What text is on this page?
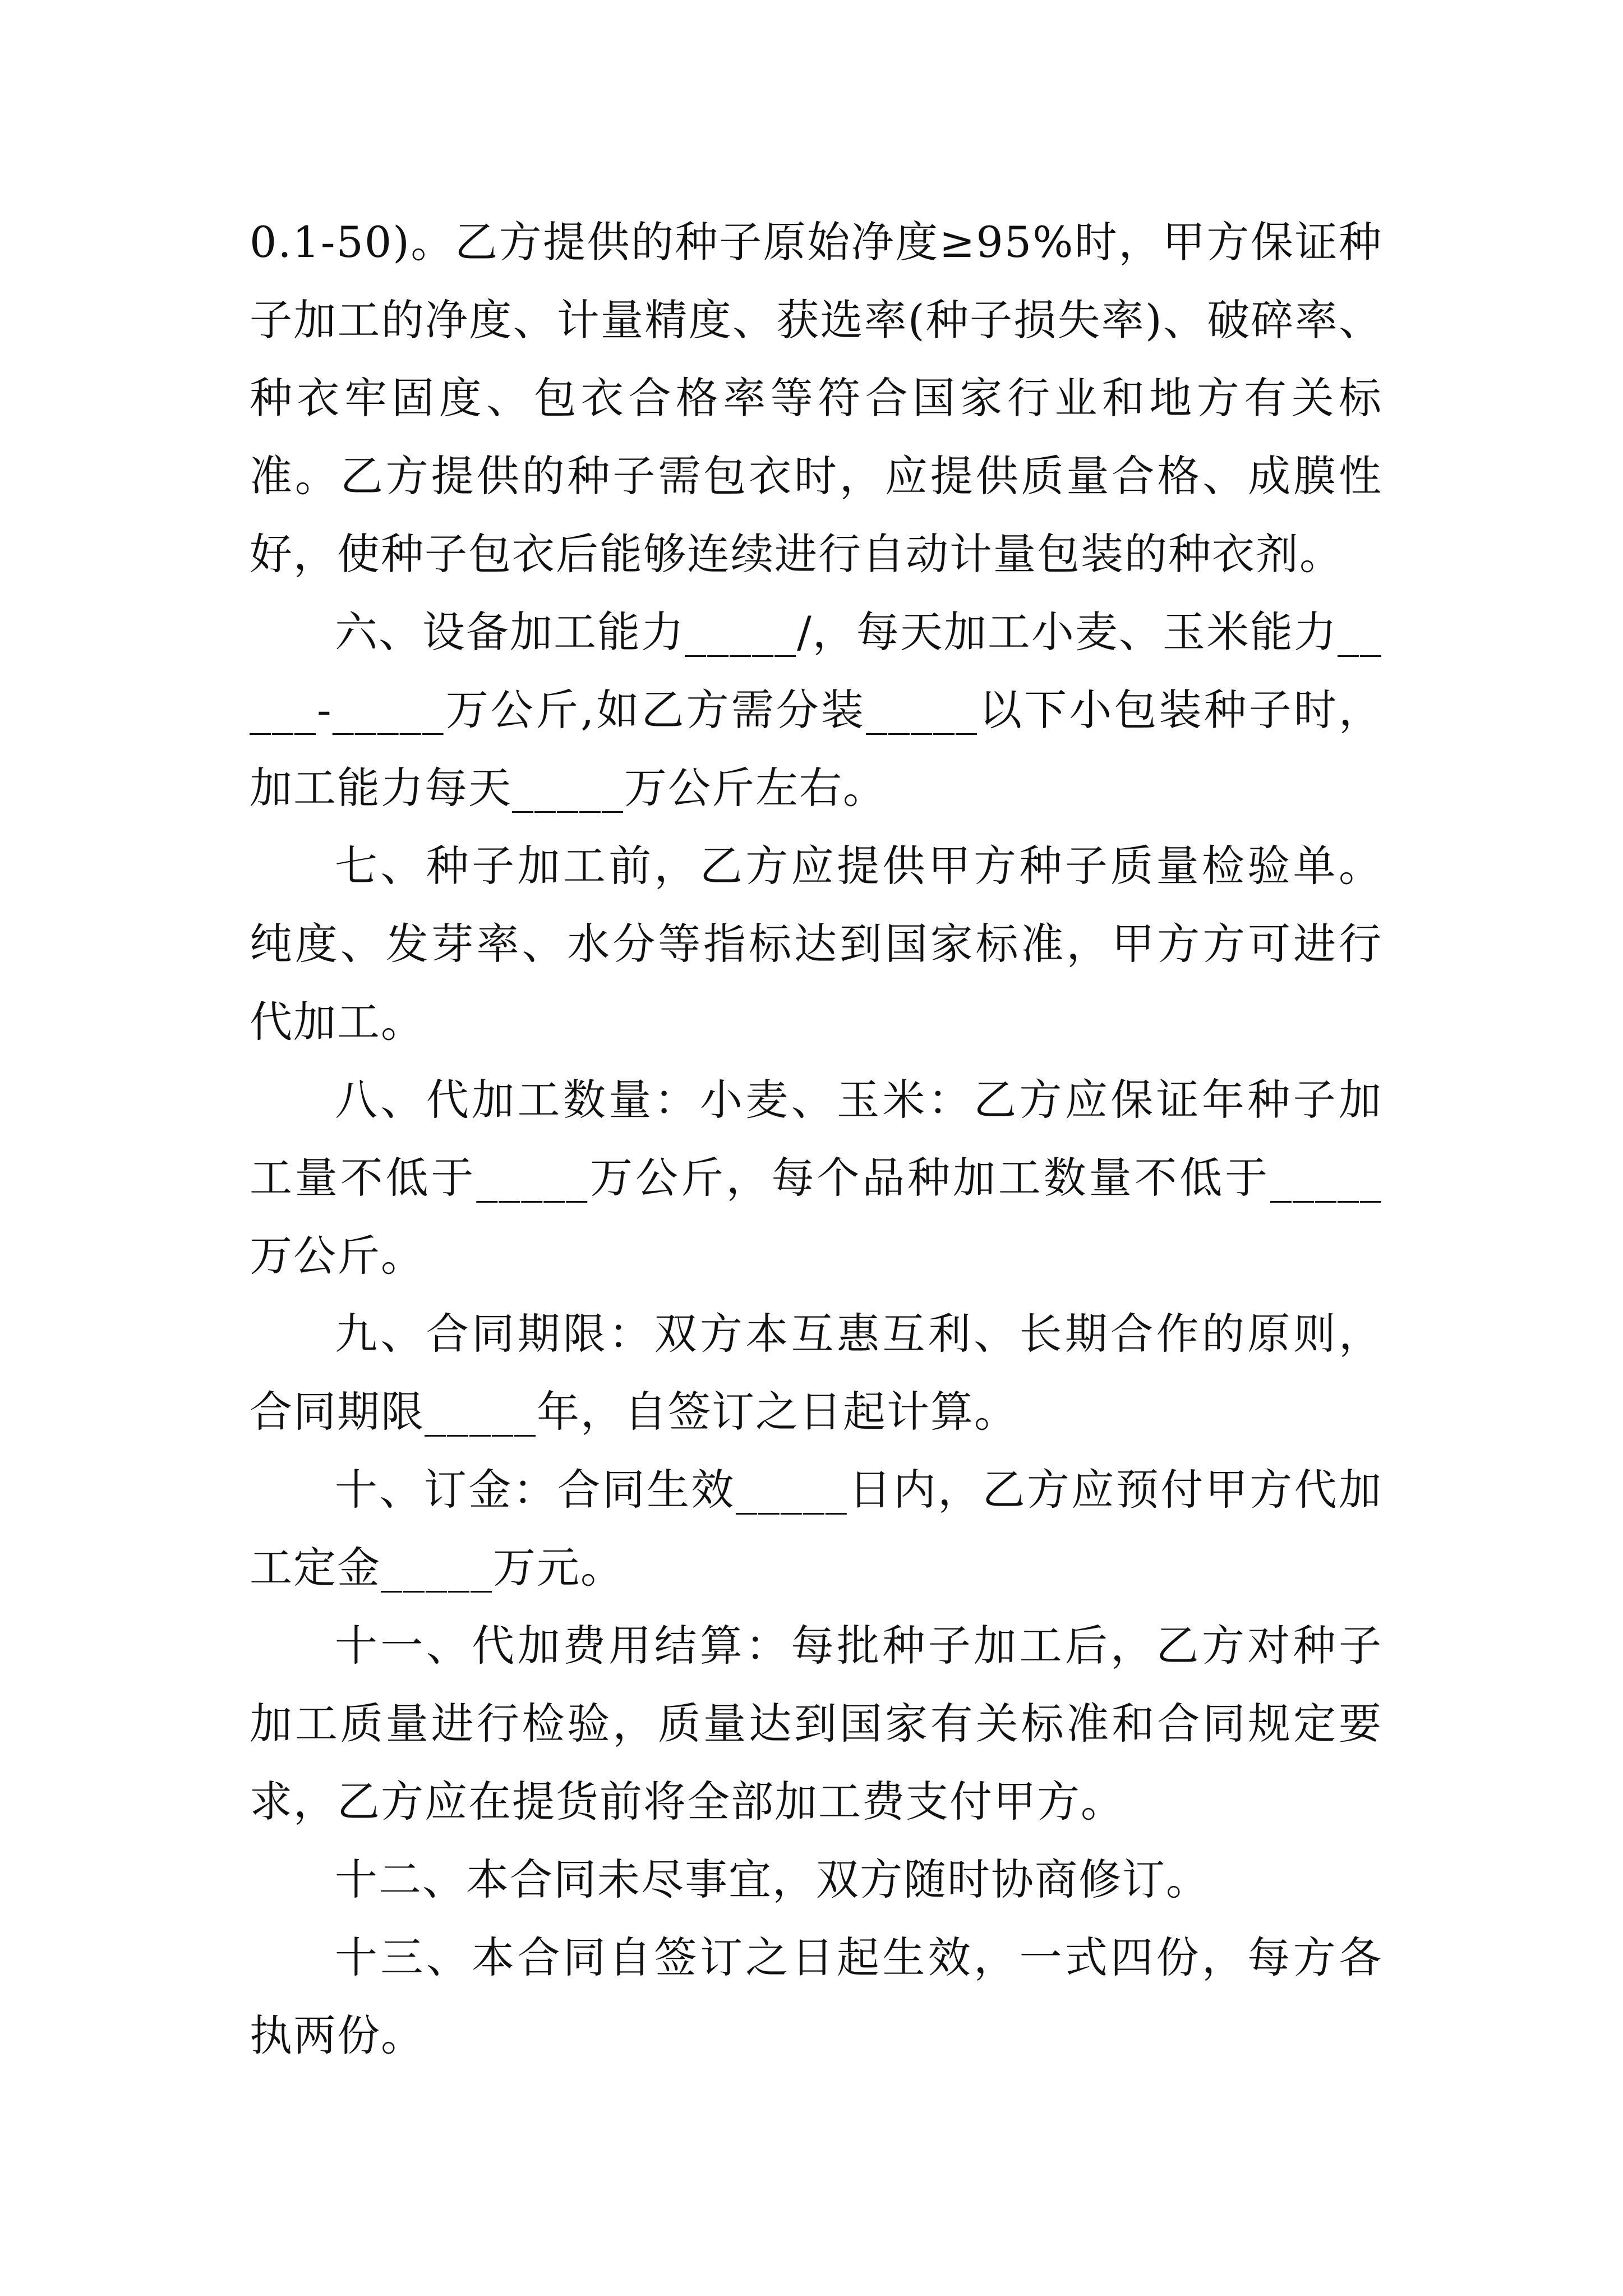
0.1-50)。乙方提供的种子原始净度≥95%时，甲方保证种子加工的净度、计量精度、获选率(种子损失率)、破碎率、种衣牢固度、包衣合格率等符合国家行业和地方有关标准。乙方提供的种子需包衣时，应提供质量合格、成膜性好，使种子包衣后能够连续进行自动计量包装的种衣剂。

六、设备加工能力_____/，每天加工小麦、玉米能力_____-_____万公斤,如乙方需分装_____以下小包装种子时，加工能力每天_____万公斤左右。

七、种子加工前，乙方应提供甲方种子质量检验单。纯度、发芽率、水分等指标达到国家标准，甲方方可进行代加工。

八、代加工数量：小麦、玉米：乙方应保证年种子加工量不低于_____万公斤，每个品种加工数量不低于_____万公斤。

九、合同期限：双方本互惠互利、长期合作的原则，合同期限_____年，自签订之日起计算。

十、订金：合同生效_____日内，乙方应预付甲方代加工定金_____万元。

十一、代加费用结算：每批种子加工后，乙方对种子加工质量进行检验，质量达到国家有关标准和合同规定要求，乙方应在提货前将全部加工费支付甲方。

十二、本合同未尽事宜，双方随时协商修订。

十三、本合同自签订之日起生效，一式四份，每方各执两份。
